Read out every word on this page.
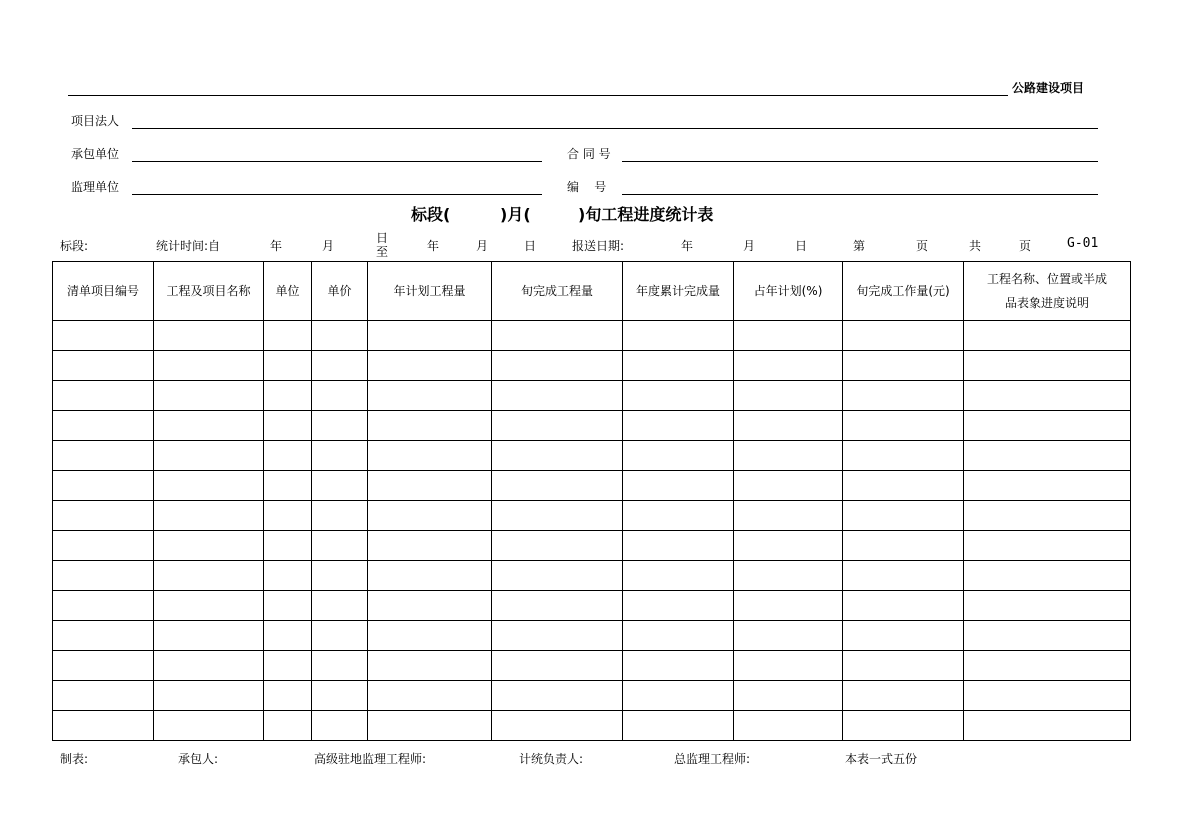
公路建设项目
项目法人
承包单位	合 同 号
监理单位	编    号
标段(	)月(	)旬工程进度统计表
标段:	统计时间:自	年	月
日
至	年	月	日	报送日期:	年	月	日	第	页	共	页	G-01
清单项目编号	工程及项目名称	单位	单价	年计划工程量	旬完成工程量	年度累计完成量	占年计划(%)	旬完成工作量(元)	工程名称、位置或半成
品表象进度说明

制表:	承包人:	高级驻地监理工程师:	计统负责人:	总监理工程师:	本表一式五份
